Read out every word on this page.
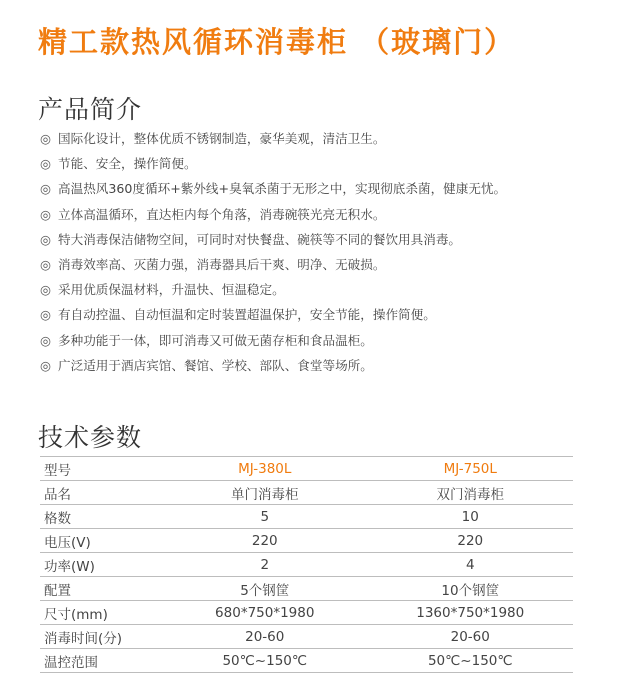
精工款热风循环消毒柜 （玻璃门）
产品简介
◎ 国际化设计，整体优质不锈钢制造，豪华美观，清洁卫生。
◎ 节能、安全，操作简便。
◎ 高温热风360度循环+紫外线+臭氧杀菌于无形之中，实现彻底杀菌，健康无忧。
◎ 立体高温循环，直达柜内每个角落，消毒碗筷光亮无积水。
◎ 特大消毒保洁储物空间，可同时对快餐盘、碗筷等不同的餐饮用具消毒。
◎ 消毒效率高、灭菌力强，消毒器具后干爽、明净、无破损。
◎ 采用优质保温材料，升温快、恒温稳定。
◎ 有自动控温、自动恒温和定时装置超温保护，安全节能，操作简便。
◎ 多种功能于一体，即可消毒又可做无菌存柜和食品温柜。
◎ 广泛适用于酒店宾馆、餐馆、学校、部队、食堂等场所。
技术参数
型号	MJ-380L	MJ-750L
品名	单门消毒柜	双门消毒柜
格数	5	10
电压(V)	220	220
功率(W)	2	4
配置	5个钢筐	10个钢筐
尺寸(mm)	680*750*1980	1360*750*1980
消毒时间(分)	20-60	20-60
温控范围	50℃~150℃	50℃~150℃
